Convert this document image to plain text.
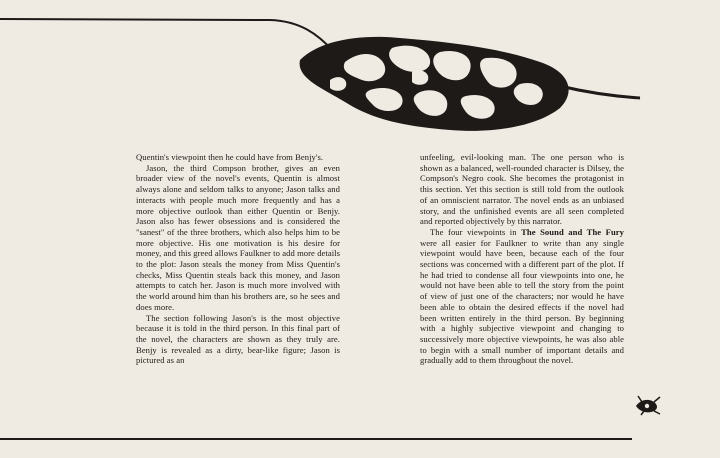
Quentin's viewpoint then he could have from Benjy's.

Jason, the third Compson brother, gives an even broader view of the novel's events, Quentin is almost always alone and seldom talks to anyone; Jason talks and interacts with people much more frequently and has a more objective outlook than either Quentin or Benjy. Jason also has fewer obsessions and is considered the "sanest" of the three brothers, which also helps him to be more objective. His one motivation is his desire for money, and this greed allows Faulkner to add more details to the plot: Jason steals the money from Miss Quentin's checks, Miss Quentin steals back this money, and Jason attempts to catch her. Jason is much more involved with the world around him than his brothers are, so he sees and does more.

The section following Jason's is the most objective because it is told in the third person. In this final part of the novel, the characters are shown as they truly are. Benjy is revealed as a dirty, bear-like figure; Jason is pictured as an

unfeeling, evil-looking man. The one person who is shown as a balanced, well-rounded character is Dilsey, the Compson's Negro cook. She becomes the protagonist in this section. Yet this section is still told from the outlook of an omniscient narrator. The novel ends as an unbiased story, and the unfinished events are all seen completed and reported objectively by this narrator.

The four viewpoints in The Sound and The Fury were all easier for Faulkner to write than any single viewpoint would have been, because each of the four sections was concerned with a different part of the plot. If he had tried to condense all four viewpoints into one, he would not have been able to tell the story from the point of view of just one of the characters; nor would he have been able to obtain the desired effects if the novel had been written entirely in the third person. By beginning with a highly subjective viewpoint and changing to successively more objective viewpoints, he was also able to begin with a small number of important details and gradually add to them throughout the novel.
